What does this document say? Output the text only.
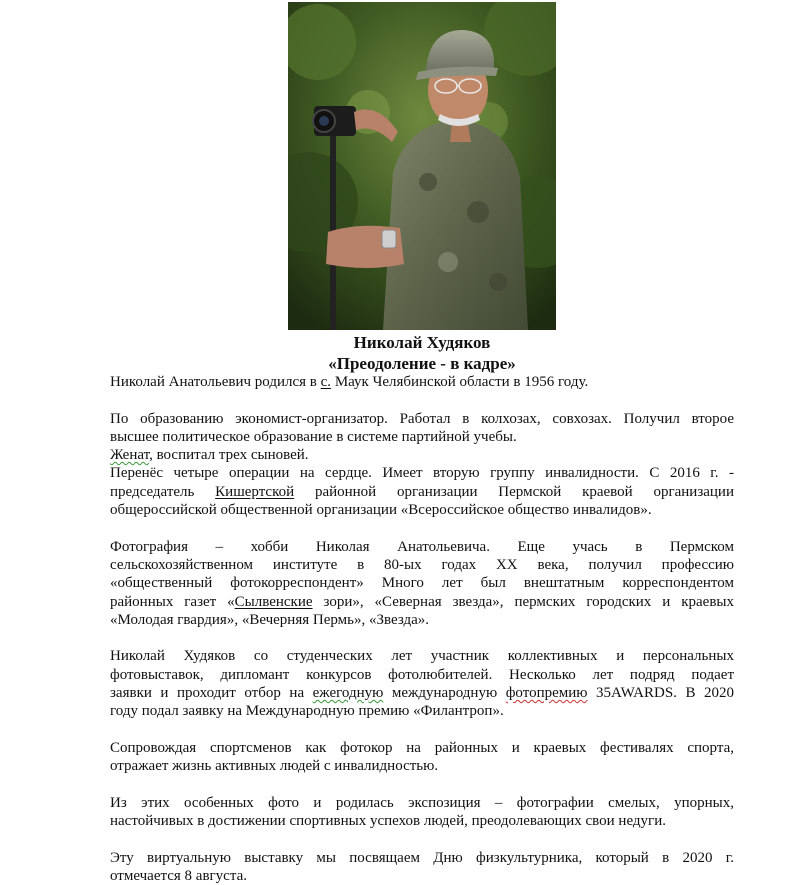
Николай Худяков
«Преодоление - в кадре»

Николай Анатольевич родился в с. Маук Челябинской области в 1956 году.

По образованию экономист-организатор. Работал в колхозах, совхозах. Получил второе

высшее политическое образование в системе партийной учебы.

Женат, воспитал трех сыновей.

Перенёс четыре операции на сердце. Имеет вторую группу инвалидности. С 2016 г. -

председатель Кишертской районной организации Пермской краевой организации

общероссийской общественной организации «Всероссийское общество инвалидов».

Фотография – хобби Николая Анатольевича. Еще учась в Пермском

сельскохозяйственном институте в 80-ых годах XX века, получил профессию

«общественный фотокорреспондент» Много лет был внештатным корреспондентом

районных газет «Сылвенские зори», «Северная звезда», пермских городских и краевых

«Молодая гвардия», «Вечерняя Пермь», «Звезда».

Николай Худяков со студенческих лет участник коллективных и персональных

фотовыставок, дипломант конкурсов фотолюбителей. Несколько лет подряд подает

заявки и проходит отбор на ежегодную международную фотопремию 35AWARDS. В 2020

году подал заявку на Международную премию «Филантроп».

Сопровождая спортсменов как фотокор на районных и краевых фестивалях спорта,

отражает жизнь активных людей с инвалидностью.

Из этих особенных фото и родилась экспозиция – фотографии смелых, упорных,

настойчивых в достижении спортивных успехов людей, преодолевающих свои недуги.

Эту виртуальную выставку мы посвящаем Дню физкультурника, который в 2020 г.

отмечается 8 августа.
